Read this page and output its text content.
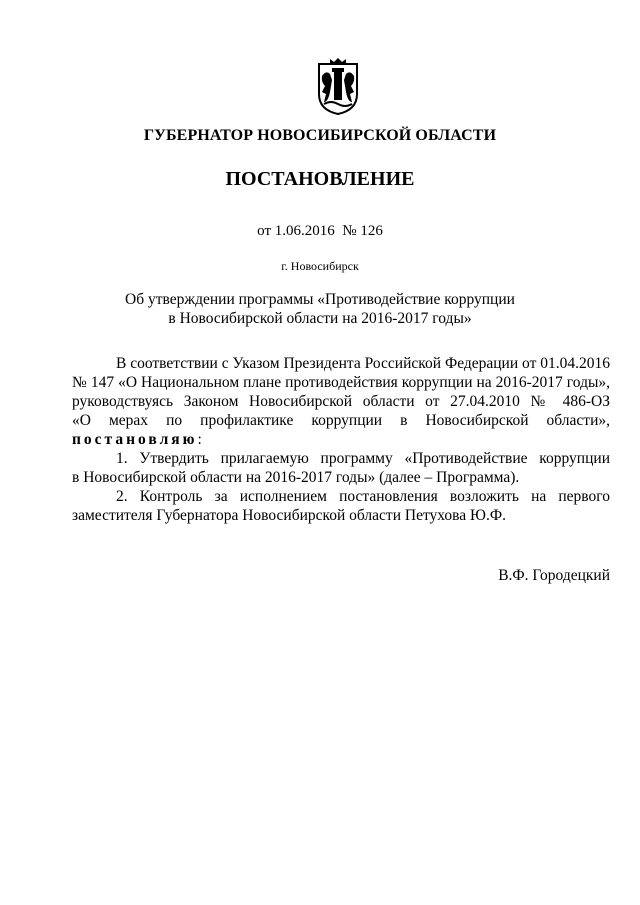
ГУБЕРНАТОР НОВОСИБИРСКОЙ ОБЛАСТИ
ПОСТАНОВЛЕНИЕ
от 1.06.2016  № 126
г. Новосибирск
Об утверждении программы «Противодействие коррупции
в Новосибирской области на 2016-2017 годы»
В соответствии с Указом Президента Российской Федерации от 01.04.2016
№ 147 «О Национальном плане противодействия коррупции на 2016-2017 годы»,
руководствуясь Законом Новосибирской области от 27.04.2010 № 486-ОЗ
«О мерах по профилактике коррупции в Новосибирской области»,
постановляю:
1. Утвердить прилагаемую программу «Противодействие коррупции
в Новосибирской области на 2016-2017 годы» (далее – Программа).
2. Контроль за исполнением постановления возложить на первого
заместителя Губернатора Новосибирской области Петухова Ю.Ф.
В.Ф. Городецкий
